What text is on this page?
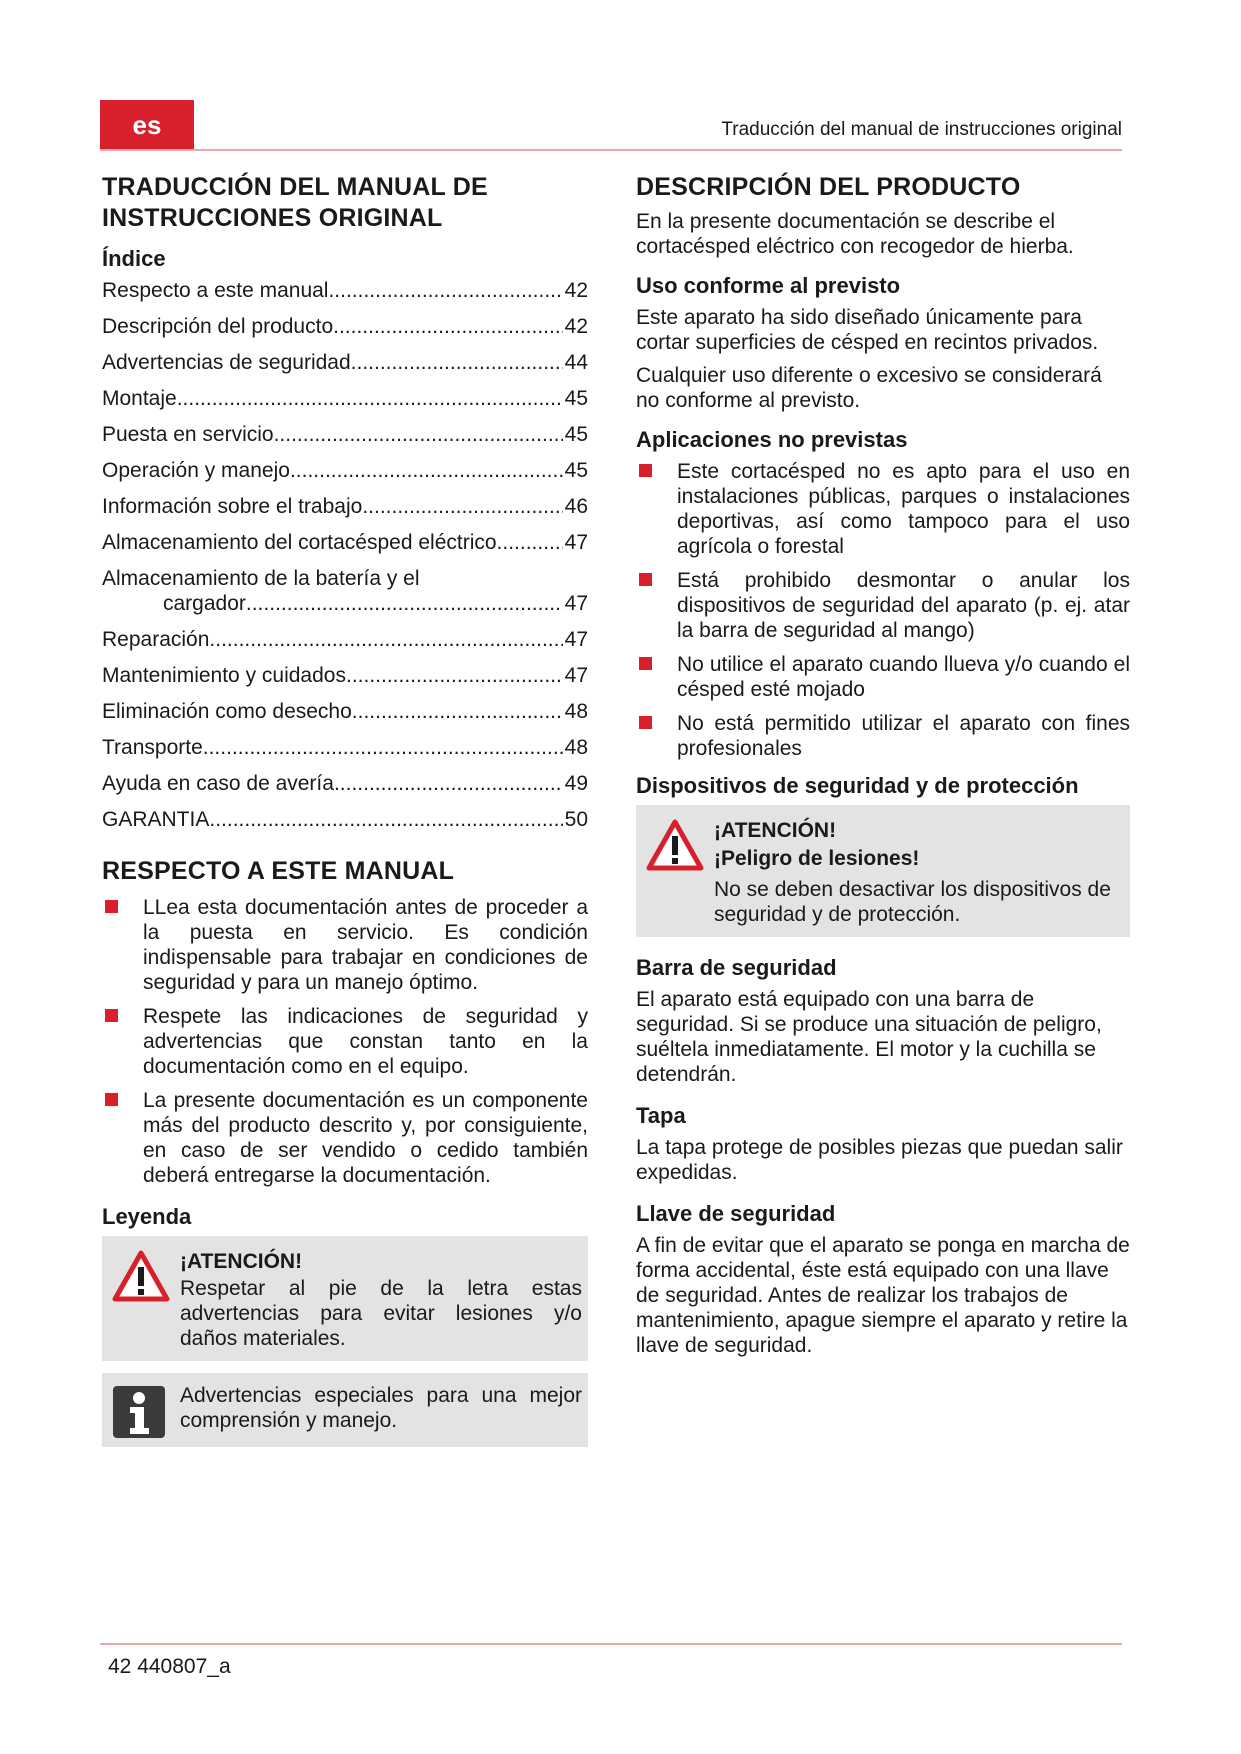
es	Traducción del manual de instrucciones original
TRADUCCIÓN DEL MANUAL DE INSTRUCCIONES ORIGINAL
Índice
Respecto a este manual .....	42
Descripción del producto .....	42
Advertencias de seguridad .....	44
Montaje .....	45
Puesta en servicio .....	45
Operación y manejo .....	45
Información sobre el trabajo .....	46
Almacenamiento del cortacésped eléctrico .....	47
Almacenamiento de la batería y el
cargador .....	47
Reparación .....	47
Mantenimiento y cuidados .....	47
Eliminación como desecho .....	48
Transporte .....	48
Ayuda en caso de avería .....	49
GARANTIA .....	50
RESPECTO A ESTE MANUAL
LLea esta documentación antes de proceder a la puesta en servicio. Es condición indispensable para trabajar en condiciones de seguridad y para un manejo óptimo.
Respete las indicaciones de seguridad y advertencias que constan tanto en la documentación como en el equipo.
La presente documentación es un componente más del producto descrito y, por consiguiente, en caso de ser vendido o cedido también deberá entregarse la documentación.
Leyenda
¡ATENCIÓN!
Respetar al pie de la letra estas advertencias para evitar lesiones y/o daños materiales.
Advertencias especiales para una mejor comprensión y manejo.
DESCRIPCIÓN DEL PRODUCTO

En la presente documentación se describe el cortacésped eléctrico con recogedor de hierba.

Uso conforme al previsto

Este aparato ha sido diseñado únicamente para cortar superficies de césped en recintos privados.

Cualquier uso diferente o excesivo se considerará no conforme al previsto.

Aplicaciones no previstas
Este cortacésped no es apto para el uso en instalaciones públicas, parques o instalaciones deportivas, así como tampoco para el uso agrícola o forestal
Está prohibido desmontar o anular los dispositivos de seguridad del aparato (p. ej. atar la barra de seguridad al mango)
No utilice el aparato cuando llueva y/o cuando el césped esté mojado
No está permitido utilizar el aparato con fines profesionales
Dispositivos de seguridad y de protección
¡ATENCIÓN!
¡Peligro de lesiones!
No se deben desactivar los dispositivos de seguridad y de protección.
Barra de seguridad

El aparato está equipado con una barra de seguridad. Si se produce una situación de peligro, suéltela inmediatamente. El motor y la cuchilla se detendrán.

Tapa

La tapa protege de posibles piezas que puedan salir expedidas.

Llave de seguridad

A fin de evitar que el aparato se ponga en marcha de forma accidental, éste está equipado con una llave de seguridad. Antes de realizar los trabajos de mantenimiento, apague siempre el aparato y retire la llave de seguridad.

42 440807_a
